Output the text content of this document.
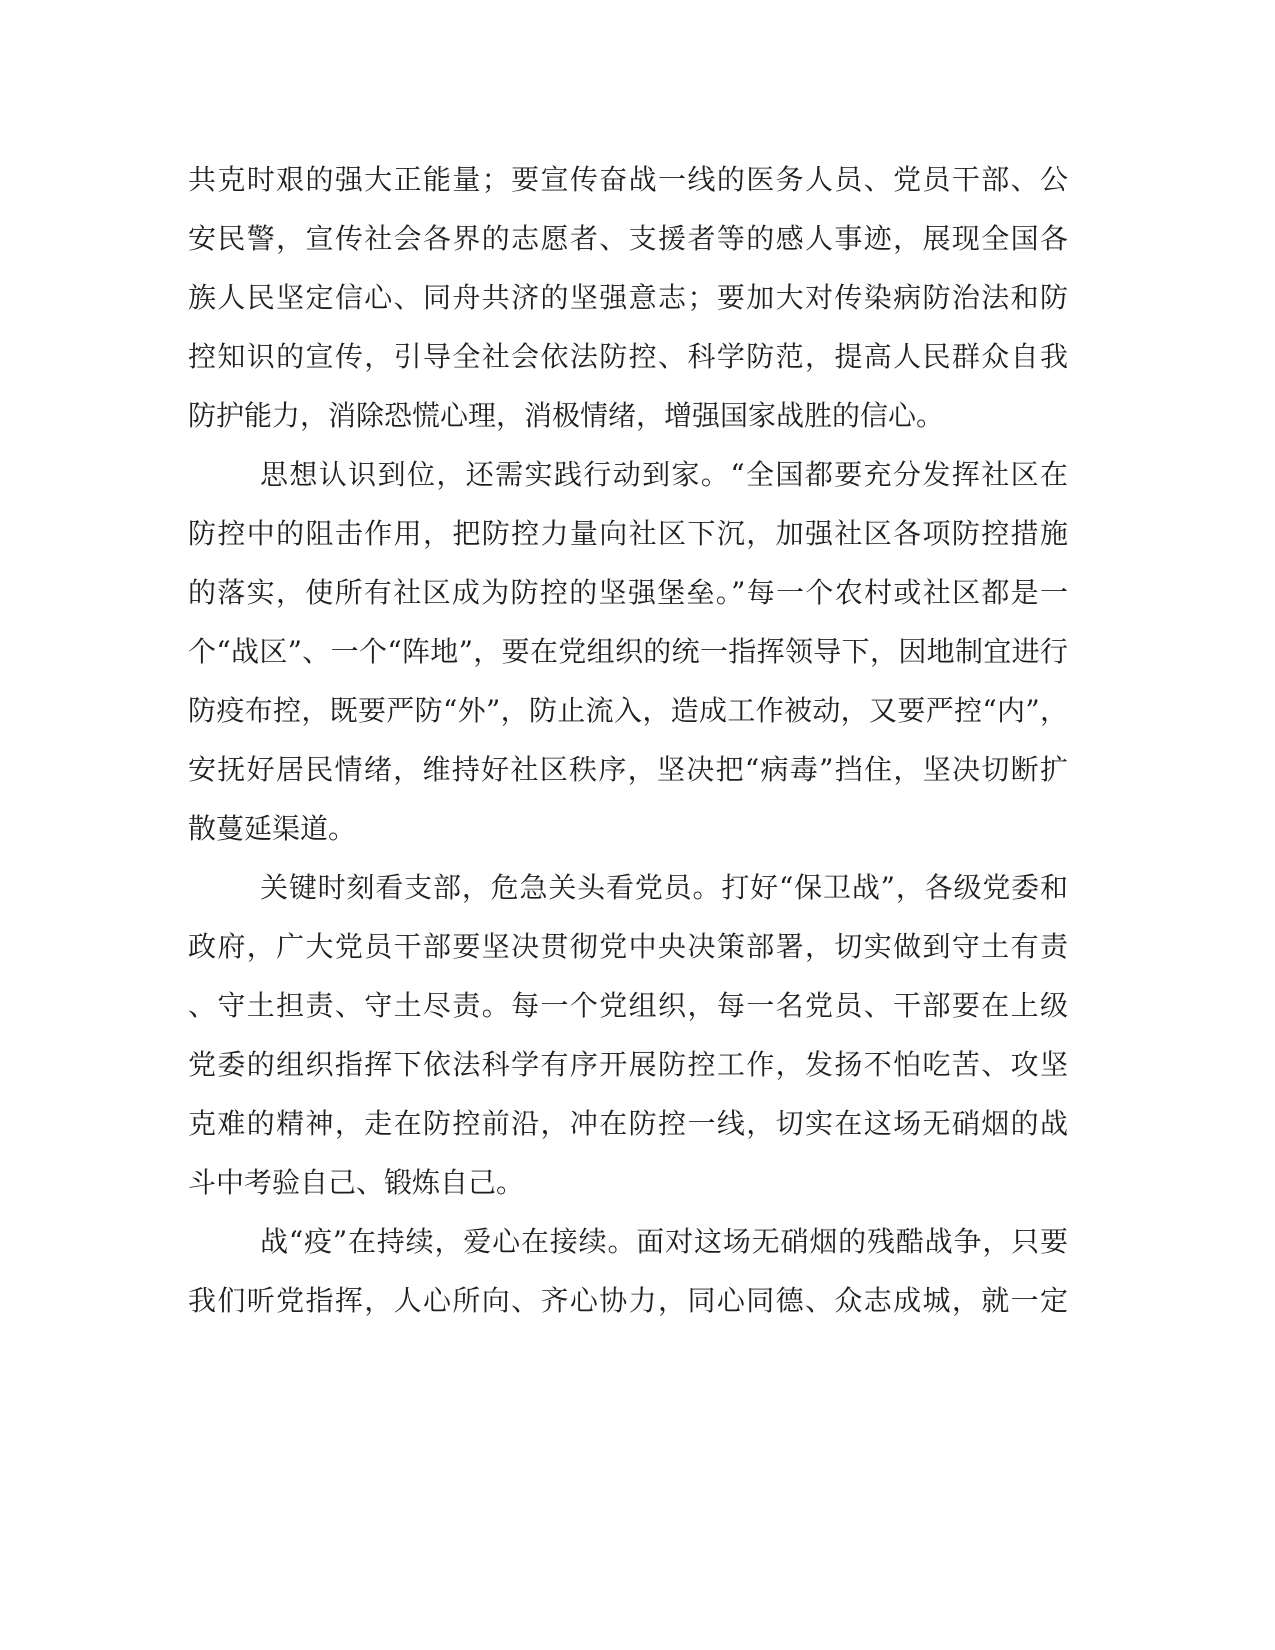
共克时艰的强大正能量；要宣传奋战一线的医务人员、党员干部、公
安民警，宣传社会各界的志愿者、支援者等的感人事迹，展现全国各
族人民坚定信心、同舟共济的坚强意志；要加大对传染病防治法和防
控知识的宣传，引导全社会依法防控、科学防范，提高人民群众自我
防护能力，消除恐慌心理，消极情绪，增强国家战胜的信心。
思想认识到位，还需实践行动到家。“全国都要充分发挥社区在
防控中的阻击作用，把防控力量向社区下沉，加强社区各项防控措施
的落实，使所有社区成为防控的坚强堡垒。”每一个农村或社区都是一
个“战区”、一个“阵地”，要在党组织的统一指挥领导下，因地制宜进行
防疫布控，既要严防“外”，防止流入，造成工作被动，又要严控“内”，
安抚好居民情绪，维持好社区秩序，坚决把“病毒”挡住，坚决切断扩
散蔓延渠道。
关键时刻看支部，危急关头看党员。打好“保卫战”，各级党委和
政府，广大党员干部要坚决贯彻党中央决策部署，切实做到守土有责
、守土担责、守土尽责。每一个党组织，每一名党员、干部要在上级
党委的组织指挥下依法科学有序开展防控工作，发扬不怕吃苦、攻坚
克难的精神，走在防控前沿，冲在防控一线，切实在这场无硝烟的战
斗中考验自己、锻炼自己。
战“疫”在持续，爱心在接续。面对这场无硝烟的残酷战争，只要
我们听党指挥，人心所向、齐心协力，同心同德、众志成城，就一定
